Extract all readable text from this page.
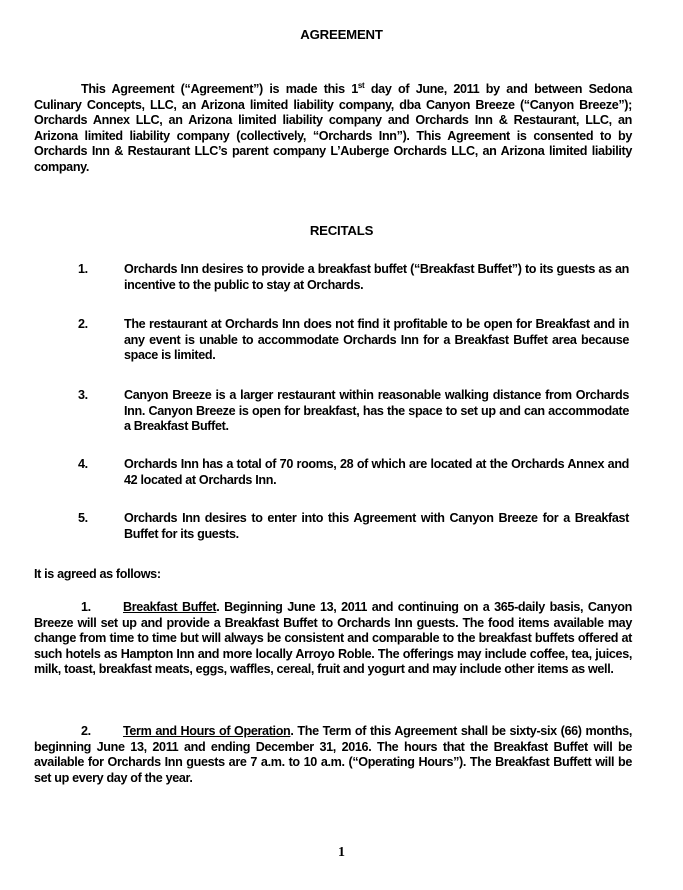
AGREEMENT

This Agreement (“Agreement”) is made this 1st day of June, 2011 by and between Sedona Culinary Concepts, LLC, an Arizona limited liability company, dba Canyon Breeze (“Canyon Breeze”); Orchards Annex LLC, an Arizona limited liability company and Orchards Inn & Restaurant, LLC, an Arizona limited liability company (collectively, “Orchards Inn”). This Agreement is consented to by Orchards Inn & Restaurant LLC’s parent company L’Auberge Orchards LLC, an Arizona limited liability company.

RECITALS
1.	Orchards Inn desires to provide a breakfast buffet (“Breakfast Buffet”) to its guests as an incentive to the public to stay at Orchards.

2.	The restaurant at Orchards Inn does not find it profitable to be open for Breakfast and in any event is unable to accommodate Orchards Inn for a Breakfast Buffet area because space is limited.

3.	Canyon Breeze is a larger restaurant within reasonable walking distance from Orchards Inn. Canyon Breeze is open for breakfast, has the space to set up and can accommodate a Breakfast Buffet.

4.	Orchards Inn has a total of 70 rooms, 28 of which are located at the Orchards Annex and 42 located at Orchards Inn.

5.	Orchards Inn desires to enter into this Agreement with Canyon Breeze for a Breakfast Buffet for its guests.

It is agreed as follows:

1.	Breakfast Buffet. Beginning June 13, 2011 and continuing on a 365-daily basis, Canyon Breeze will set up and provide a Breakfast Buffet to Orchards Inn guests. The food items available may change from time to time but will always be consistent and comparable to the breakfast buffets offered at such hotels as Hampton Inn and more locally Arroyo Roble. The offerings may include coffee, tea, juices, milk, toast, breakfast meats, eggs, waffles, cereal, fruit and yogurt and may include other items as well.

2.	Term and Hours of Operation. The Term of this Agreement shall be sixty-six (66) months, beginning June 13, 2011 and ending December 31, 2016. The hours that the Breakfast Buffet will be available for Orchards Inn guests are 7 a.m. to 10 a.m. (“Operating Hours”). The Breakfast Buffett will be set up every day of the year.

1
